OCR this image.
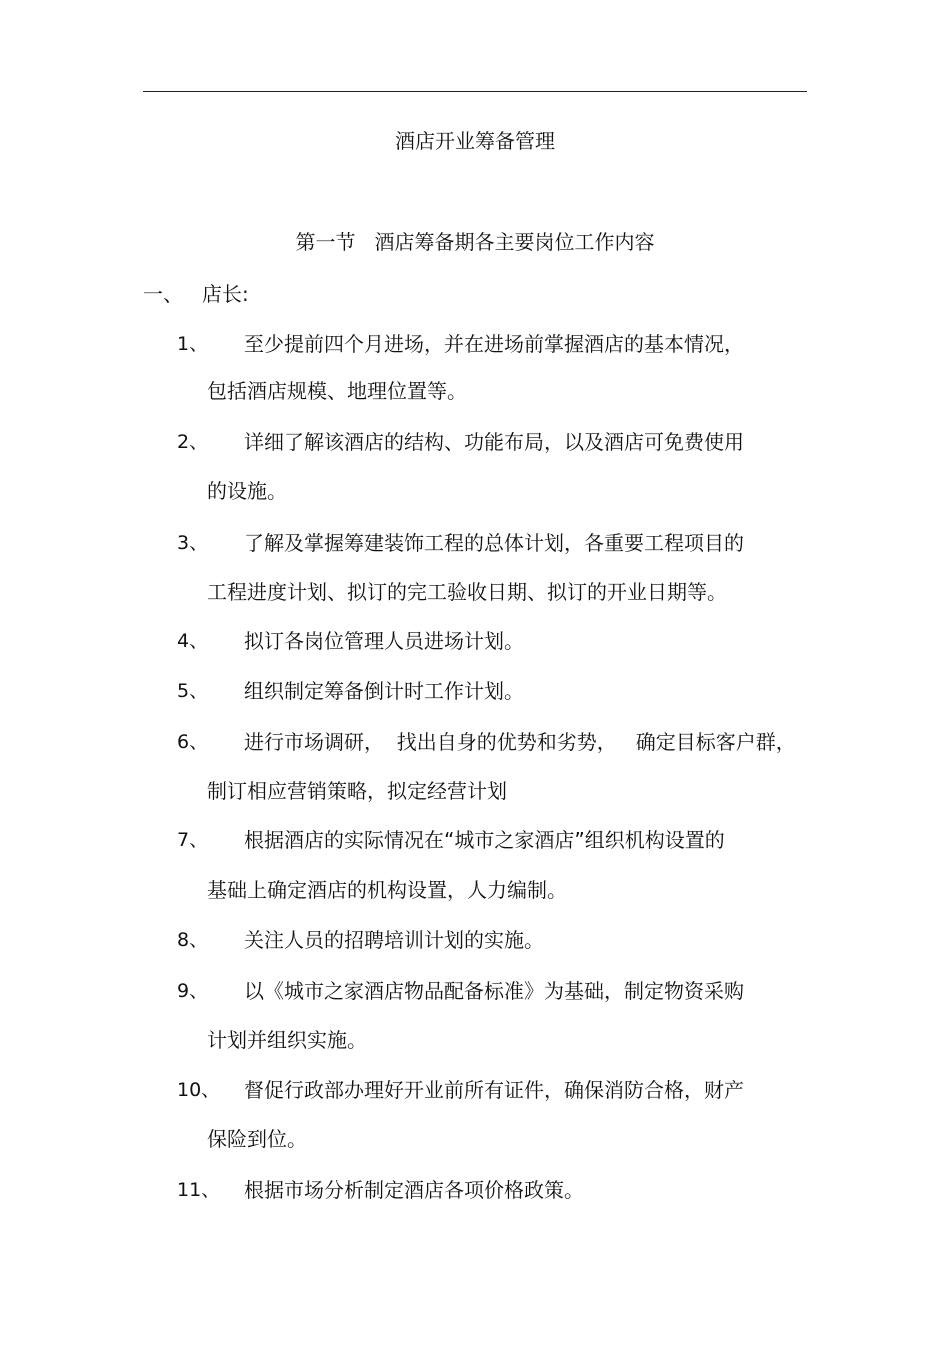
酒店开业筹备管理
第一节   酒店筹备期各主要岗位工作内容
一、 店长:
1、 至少提前四个月进场，并在进场前掌握酒店的基本情况，
包括酒店规模、地理位置等。
2、 详细了解该酒店的结构、功能布局，以及酒店可免费使用
的设施。
3、 了解及掌握筹建装饰工程的总体计划，各重要工程项目的
工程进度计划、拟订的完工验收日期、拟订的开业日期等。
4、 拟订各岗位管理人员进场计划。
5、 组织制定筹备倒计时工作计划。
6、 进行市场调研，  找出自身的优势和劣势，   确定目标客户群，
制订相应营销策略，拟定经营计划
7、 根据酒店的实际情况在“城市之家酒店”组织机构设置的
基础上确定酒店的机构设置，人力编制。
8、 关注人员的招聘培训计划的实施。
9、 以《城市之家酒店物品配备标准》为基础，制定物资采购
计划并组织实施。
10、 督促行政部办理好开业前所有证件，确保消防合格，财产
保险到位。
11、 根据市场分析制定酒店各项价格政策。
